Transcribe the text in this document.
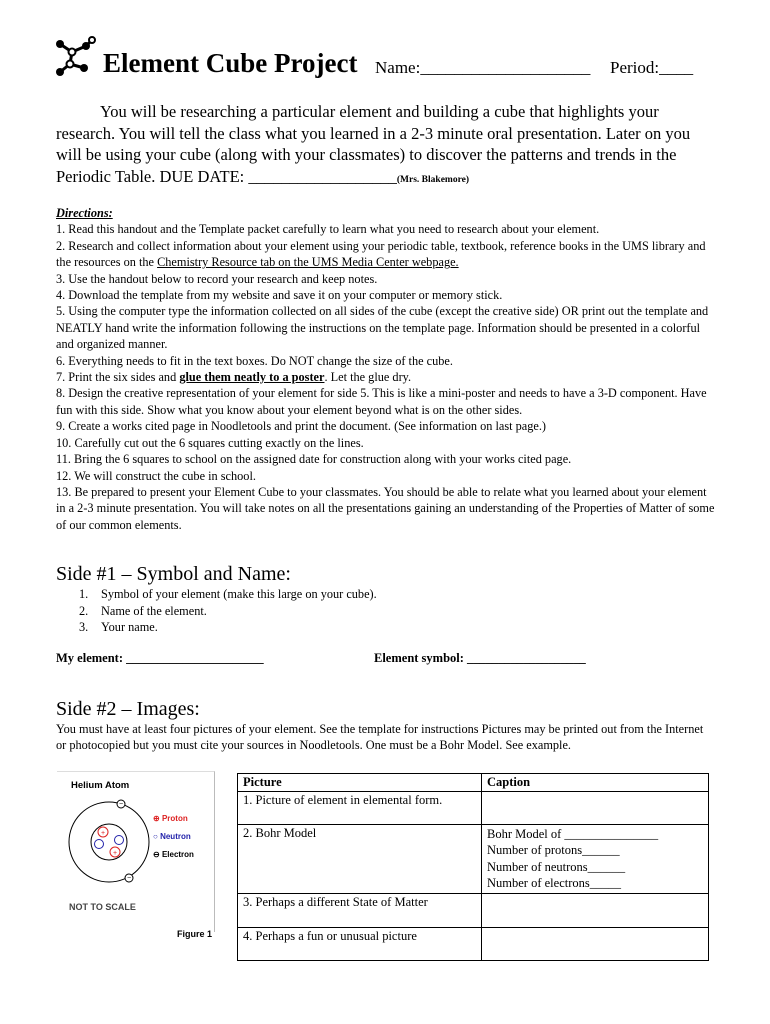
Element Cube Project Name:____________________ Period:____
You will be researching a particular element and building a cube that highlights your research. You will tell the class what you learned in a 2-3 minute oral presentation. Later on you will be using your cube (along with your classmates) to discover the patterns and trends in the Periodic Table. DUE DATE: __________________(Mrs. Blakemore)
Directions:
1. Read this handout and the Template packet carefully to learn what you need to research about your element.
2. Research and collect information about your element using your periodic table, textbook, reference books in the UMS library and the resources on the Chemistry Resource tab on the UMS Media Center webpage.
3. Use the handout below to record your research and keep notes.
4. Download the template from my website and save it on your computer or memory stick.
5. Using the computer type the information collected on all sides of the cube (except the creative side) OR print out the template and NEATLY hand write the information following the instructions on the template page. Information should be presented in a colorful and organized manner.
6. Everything needs to fit in the text boxes. Do NOT change the size of the cube.
7. Print the six sides and glue them neatly to a poster. Let the glue dry.
8. Design the creative representation of your element for side 5. This is like a mini-poster and needs to have a 3-D component. Have fun with this side. Show what you know about your element beyond what is on the other sides.
9. Create a works cited page in Noodletools and print the document. (See information on last page.)
10. Carefully cut out the 6 squares cutting exactly on the lines.
11. Bring the 6 squares to school on the assigned date for construction along with your works cited page.
12. We will construct the cube in school.
13. Be prepared to present your Element Cube to your classmates. You should be able to relate what you learned about your element in a 2-3 minute presentation. You will take notes on all the presentations gaining an understanding of the Properties of Matter of some of our common elements.
Side #1 – Symbol and Name:
1. Symbol of your element (make this large on your cube).
2. Name of the element.
3. Your name.
My element: ______________________	Element symbol: ___________________
Side #2 – Images:
You must have at least four pictures of your element. See the template for instructions Pictures may be printed out from the Internet or photocopied but you must cite your sources in Noodletools. One must be a Bohr Model. See example.
Helium Atom
+
+
−
−
⊕ Proton
○ Neutron
⊖ Electron
NOT TO SCALE
Figure 1
Picture	Caption
1. Picture of element in elemental form.	
2. Bohr Model	Bohr Model of _______________
Number of protons______
Number of neutrons______
Number of electrons_____

3. Perhaps a different State of Matter	
4. Perhaps a fun or unusual picture	
